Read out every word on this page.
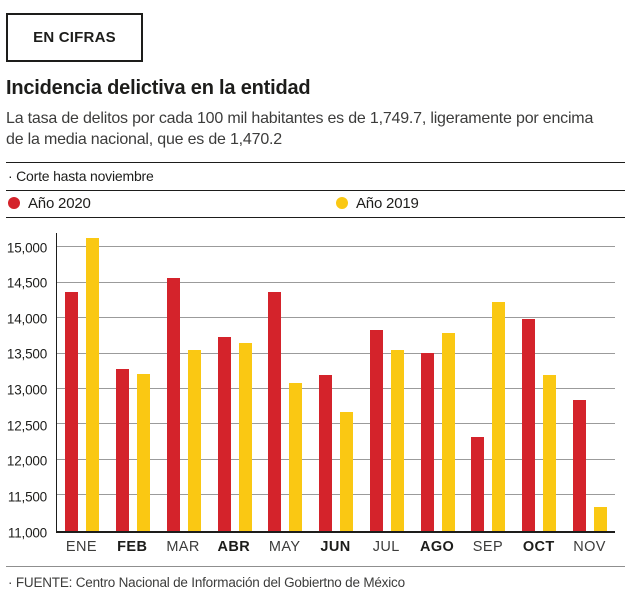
EN CIFRAS
Incidencia delictiva en la entidad

La tasa de delitos por cada 100 mil habitantes es de 1,749.7, ligeramente por encima de la media nacional, que es de 1,470.2

· Corte hasta noviembre
Año 2020	Año 2019
11,000
11,500
12,000
12,500
13,000
13,500
14,000
14,500
15,000
ENE	FEB	MAR	ABR	MAY	JUN	JUL	AGO	SEP	OCT	NOV
· FUENTE: Centro Nacional de Información del Gobiertno de México
